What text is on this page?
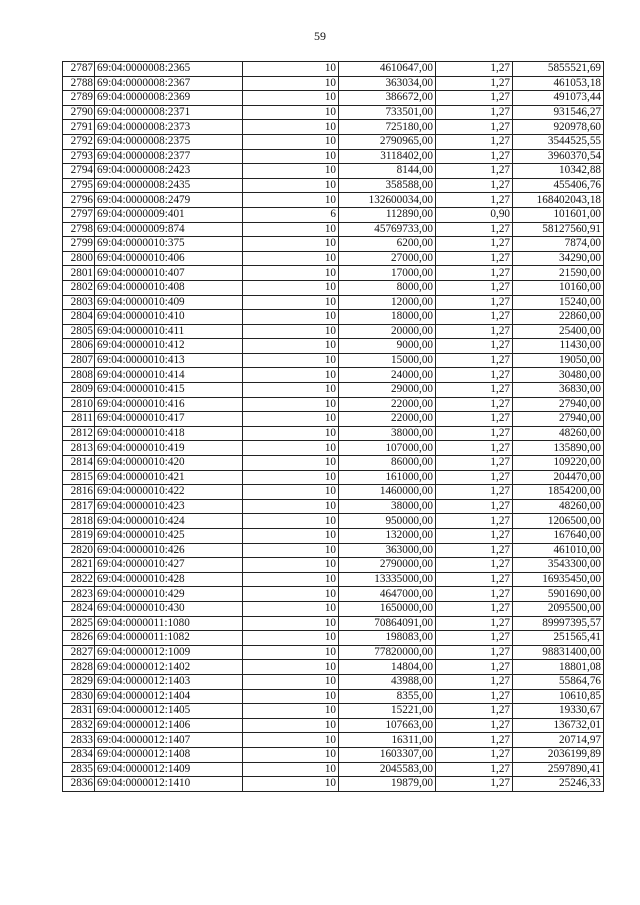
59
2787	69:04:0000008:2365	10	4610647,00	1,27	5855521,69
2788	69:04:0000008:2367	10	363034,00	1,27	461053,18
2789	69:04:0000008:2369	10	386672,00	1,27	491073,44
2790	69:04:0000008:2371	10	733501,00	1,27	931546,27
2791	69:04:0000008:2373	10	725180,00	1,27	920978,60
2792	69:04:0000008:2375	10	2790965,00	1,27	3544525,55
2793	69:04:0000008:2377	10	3118402,00	1,27	3960370,54
2794	69:04:0000008:2423	10	8144,00	1,27	10342,88
2795	69:04:0000008:2435	10	358588,00	1,27	455406,76
2796	69:04:0000008:2479	10	132600034,00	1,27	168402043,18
2797	69:04:0000009:401	6	112890,00	0,90	101601,00
2798	69:04:0000009:874	10	45769733,00	1,27	58127560,91
2799	69:04:0000010:375	10	6200,00	1,27	7874,00
2800	69:04:0000010:406	10	27000,00	1,27	34290,00
2801	69:04:0000010:407	10	17000,00	1,27	21590,00
2802	69:04:0000010:408	10	8000,00	1,27	10160,00
2803	69:04:0000010:409	10	12000,00	1,27	15240,00
2804	69:04:0000010:410	10	18000,00	1,27	22860,00
2805	69:04:0000010:411	10	20000,00	1,27	25400,00
2806	69:04:0000010:412	10	9000,00	1,27	11430,00
2807	69:04:0000010:413	10	15000,00	1,27	19050,00
2808	69:04:0000010:414	10	24000,00	1,27	30480,00
2809	69:04:0000010:415	10	29000,00	1,27	36830,00
2810	69:04:0000010:416	10	22000,00	1,27	27940,00
2811	69:04:0000010:417	10	22000,00	1,27	27940,00
2812	69:04:0000010:418	10	38000,00	1,27	48260,00
2813	69:04:0000010:419	10	107000,00	1,27	135890,00
2814	69:04:0000010:420	10	86000,00	1,27	109220,00
2815	69:04:0000010:421	10	161000,00	1,27	204470,00
2816	69:04:0000010:422	10	1460000,00	1,27	1854200,00
2817	69:04:0000010:423	10	38000,00	1,27	48260,00
2818	69:04:0000010:424	10	950000,00	1,27	1206500,00
2819	69:04:0000010:425	10	132000,00	1,27	167640,00
2820	69:04:0000010:426	10	363000,00	1,27	461010,00
2821	69:04:0000010:427	10	2790000,00	1,27	3543300,00
2822	69:04:0000010:428	10	13335000,00	1,27	16935450,00
2823	69:04:0000010:429	10	4647000,00	1,27	5901690,00
2824	69:04:0000010:430	10	1650000,00	1,27	2095500,00
2825	69:04:0000011:1080	10	70864091,00	1,27	89997395,57
2826	69:04:0000011:1082	10	198083,00	1,27	251565,41
2827	69:04:0000012:1009	10	77820000,00	1,27	98831400,00
2828	69:04:0000012:1402	10	14804,00	1,27	18801,08
2829	69:04:0000012:1403	10	43988,00	1,27	55864,76
2830	69:04:0000012:1404	10	8355,00	1,27	10610,85
2831	69:04:0000012:1405	10	15221,00	1,27	19330,67
2832	69:04:0000012:1406	10	107663,00	1,27	136732,01
2833	69:04:0000012:1407	10	16311,00	1,27	20714,97
2834	69:04:0000012:1408	10	1603307,00	1,27	2036199,89
2835	69:04:0000012:1409	10	2045583,00	1,27	2597890,41
2836	69:04:0000012:1410	10	19879,00	1,27	25246,33
